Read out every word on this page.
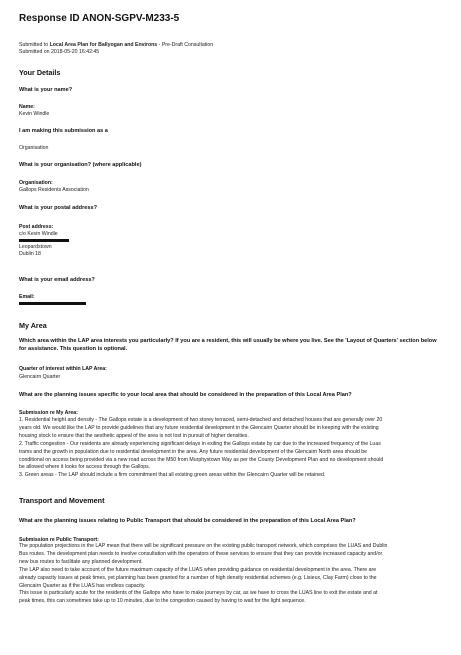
Response ID ANON-SGPV-M233-5
Submitted to Local Area Plan for Ballyogan and Environs - Pre-Draft Consultation
Submitted on 2018-05-20 16:42:45
Your Details
What is your name?
Name:
Kevin Windle
I am making this submission as a
Organisation
What is your organisation? (where applicable)
Organisation:
Gallops Residents Association
What is your postal address?
Post address:
c/o Kevin Windle
Leopardstown
Dublin 18
What is your email address?
Email:
My Area
Which area within the LAP area interests you particularly? If you are a resident, this will usually be where you live. See the 'Layout of Quarters' section below for assistance. This question is optional.
Quarter of interest within LAP Area:
Glencairn Quarter
What are the planning issues specific to your local area that should be considered in the preparation of this Local Area Plan?
Submission re My Area:
1. Residential height and density - The Gallops estate is a development of two storey terraced, semi-detached and detached houses that are generally over 20
years old. We would like the LAP to provide guidelines that any future residential development in the Glencairn Quarter should be in keeping with the existing
housing stock to ensure that the aesthetic appeal of the area is not lost in pursuit of higher densities.
2. Traffic congestion - Our residents are already experiencing significant delays in exiting the Gallops estate by car due to the increased frequency of the Luas
trams and the growth in population due to residential development in the area. Any future residential development of the Glencairn North area should be
conditional on access being provided via a new road across the M50 from Murphystown Way as per the County Development Plan and no development should
be allowed where it looks for access through the Gallops.
3. Green areas - The LAP should include a firm commitment that all existing green areas within the Glencairn Quarter will be retained.
Transport and Movement
What are the planning issues relating to Public Transport that should be considered in the preparation of this Local Area Plan?
Submission re Public Transport:
The population projections in the LAP mean that there will be significant pressure on the existing public transport network, which comprises the LUAS and Dublin
Bus routes. The development plan needs to involve consultation with the operators of these services to ensure that they can provide increased capacity and/or
new bus routes to facilitate any planned development.
The LAP also need to take account of the future maximum capacity of the LUAS when providing guidance on residential development in the area. There are
already capacity issues at peak times, yet planning has been granted for a number of high density residential schemes (e.g. Lisieux, Clay Farm) close to the
Glencairn Quarter as if the LUAS has endless capacity.
This issue is particularly acute for the residents of the Gallops who have to make journeys by car, as we have to cross the LUAS line to exit the estate and at
peak times, this can sometimes take up to 10 minutes, due to the congestion caused by having to wait for the light sequence.
